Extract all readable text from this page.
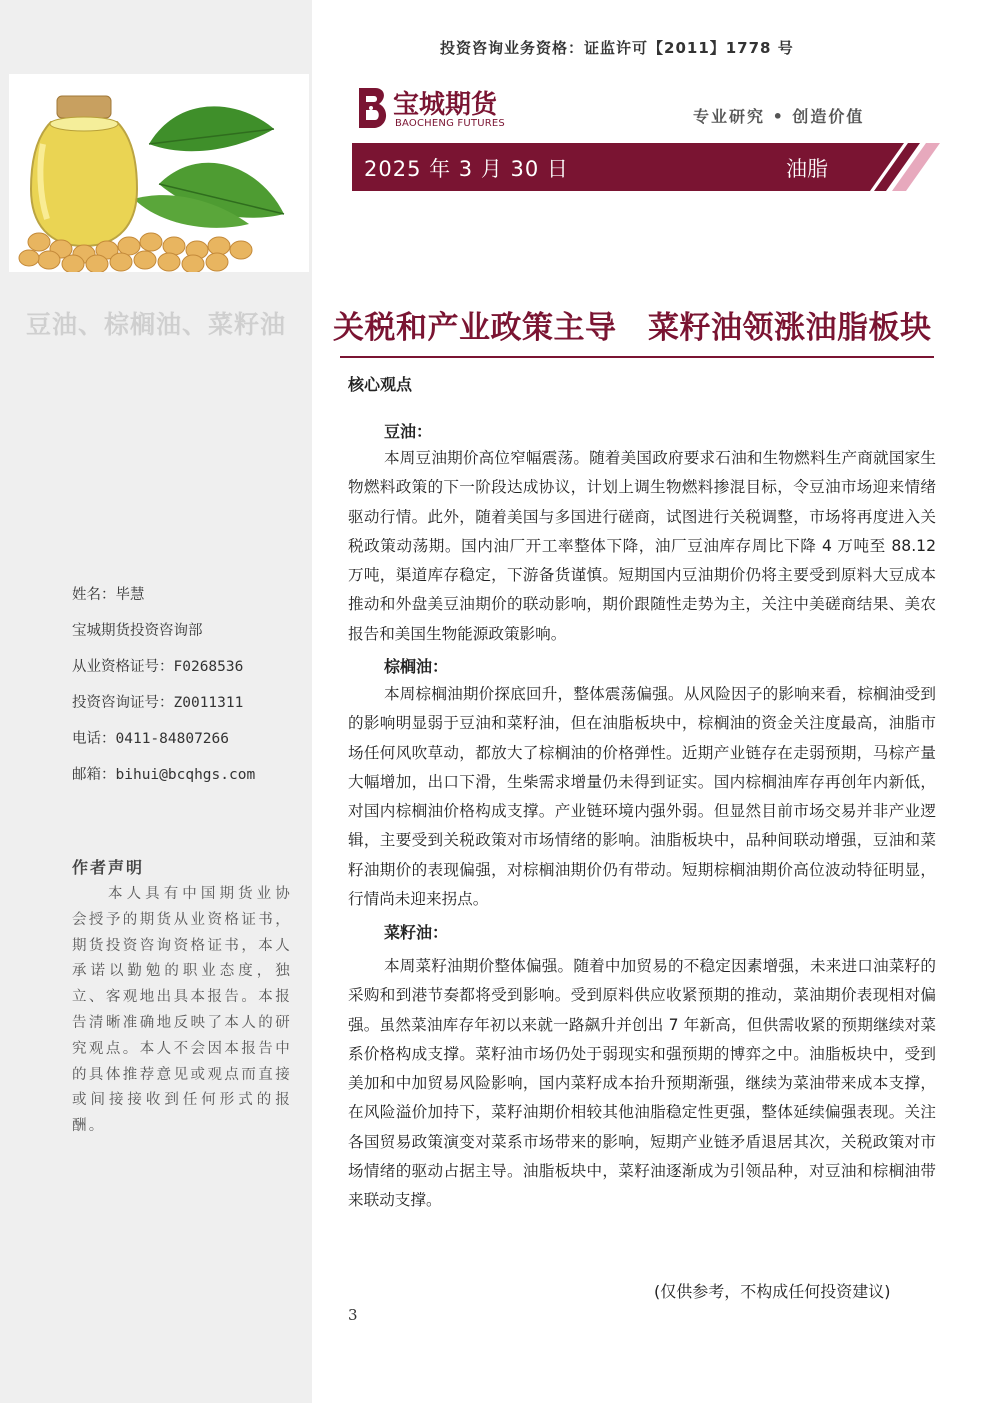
豆油、棕榈油、菜籽油
姓名：毕慧
宝城期货投资咨询部
从业资格证号：F0268536
投资咨询证号：Z0011311
电话：0411-84807266
邮箱：bihui@bcqhgs.com
作者声明
本人具有中国期货业协会授予的期货从业资格证书，期货投资咨询资格证书，本人承诺以勤勉的职业态度，独立、客观地出具本报告。本报告清晰准确地反映了本人的研究观点。本人不会因本报告中的具体推荐意见或观点而直接或间接接收到任何形式的报酬。
投资咨询业务资格：证监许可【2011】1778 号
宝城期货
BAOCHENG FUTURES	专业研究 • 创造价值
2025 年 3 月 30 日	油脂
关税和产业政策主导　菜籽油领涨油脂板块
核心观点
豆油：
本周豆油期价高位窄幅震荡。随着美国政府要求石油和生物燃料生产商就国家生物燃料政策的下一阶段达成协议，计划上调生物燃料掺混目标，令豆油市场迎来情绪驱动行情。此外，随着美国与多国进行磋商，试图进行关税调整，市场将再度进入关税政策动荡期。国内油厂开工率整体下降，油厂豆油库存周比下降 4 万吨至 88.12 万吨，渠道库存稳定，下游备货谨慎。短期国内豆油期价仍将主要受到原料大豆成本推动和外盘美豆油期价的联动影响，期价跟随性走势为主，关注中美磋商结果、美农报告和美国生物能源政策影响。
棕榈油：
本周棕榈油期价探底回升，整体震荡偏强。从风险因子的影响来看，棕榈油受到的影响明显弱于豆油和菜籽油，但在油脂板块中，棕榈油的资金关注度最高，油脂市场任何风吹草动，都放大了棕榈油的价格弹性。近期产业链存在走弱预期，马棕产量大幅增加，出口下滑，生柴需求增量仍未得到证实。国内棕榈油库存再创年内新低，对国内棕榈油价格构成支撑。产业链环境内强外弱。但显然目前市场交易并非产业逻辑，主要受到关税政策对市场情绪的影响。油脂板块中，品种间联动增强，豆油和菜籽油期价的表现偏强，对棕榈油期价仍有带动。短期棕榈油期价高位波动特征明显，行情尚未迎来拐点。
菜籽油：
本周菜籽油期价整体偏强。随着中加贸易的不稳定因素增强，未来进口油菜籽的采购和到港节奏都将受到影响。受到原料供应收紧预期的推动，菜油期价表现相对偏强。虽然菜油库存年初以来就一路飙升并创出 7 年新高，但供需收紧的预期继续对菜系价格构成支撑。菜籽油市场仍处于弱现实和强预期的博弈之中。油脂板块中，受到美加和中加贸易风险影响，国内菜籽成本抬升预期渐强，继续为菜油带来成本支撑，在风险溢价加持下，菜籽油期价相较其他油脂稳定性更强，整体延续偏强表现。关注各国贸易政策演变对菜系市场带来的影响，短期产业链矛盾退居其次，关税政策对市场情绪的驱动占据主导。油脂板块中，菜籽油逐渐成为引领品种，对豆油和棕榈油带来联动支撑。
(仅供参考，不构成任何投资建议)
3
